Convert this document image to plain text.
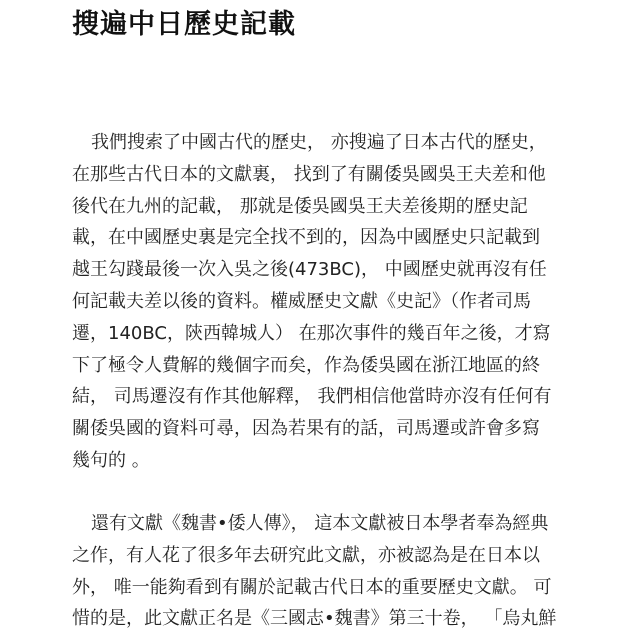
搜遍中日歷史記載
我們搜索了中國古代的歷史， 亦搜遍了日本古代的歷史，
在那些古代日本的文獻裏， 找到了有關倭吳國吳王夫差和他
後代在九州的記載， 那就是倭吳國吳王夫差後期的歷史記
載，在中國歷史裏是完全找不到的，因為中國歷史只記載到
越王勾踐最後一次入吳之後(473BC)， 中國歷史就再沒有任
何記載夫差以後的資料。權威歷史文獻《史記》（作者司馬
遷，140BC，陝西韓城人） 在那次事件的幾百年之後，才寫
下了極令人費解的幾個字而矣，作為倭吳國在浙江地區的終
結， 司馬遷沒有作其他解釋， 我們相信他當時亦沒有任何有
關倭吳國的資料可尋，因為若果有的話，司馬遷或許會多寫
幾句的 。
還有文獻《魏書•倭人傳》， 這本文獻被日本學者奉為經典
之作，有人花了很多年去研究此文獻，亦被認為是在日本以
外， 唯一能夠看到有關於記載古代日本的重要歷史文獻。 可
惜的是，此文獻正名是《三國志•魏書》第三十卷， 「烏丸鮮
